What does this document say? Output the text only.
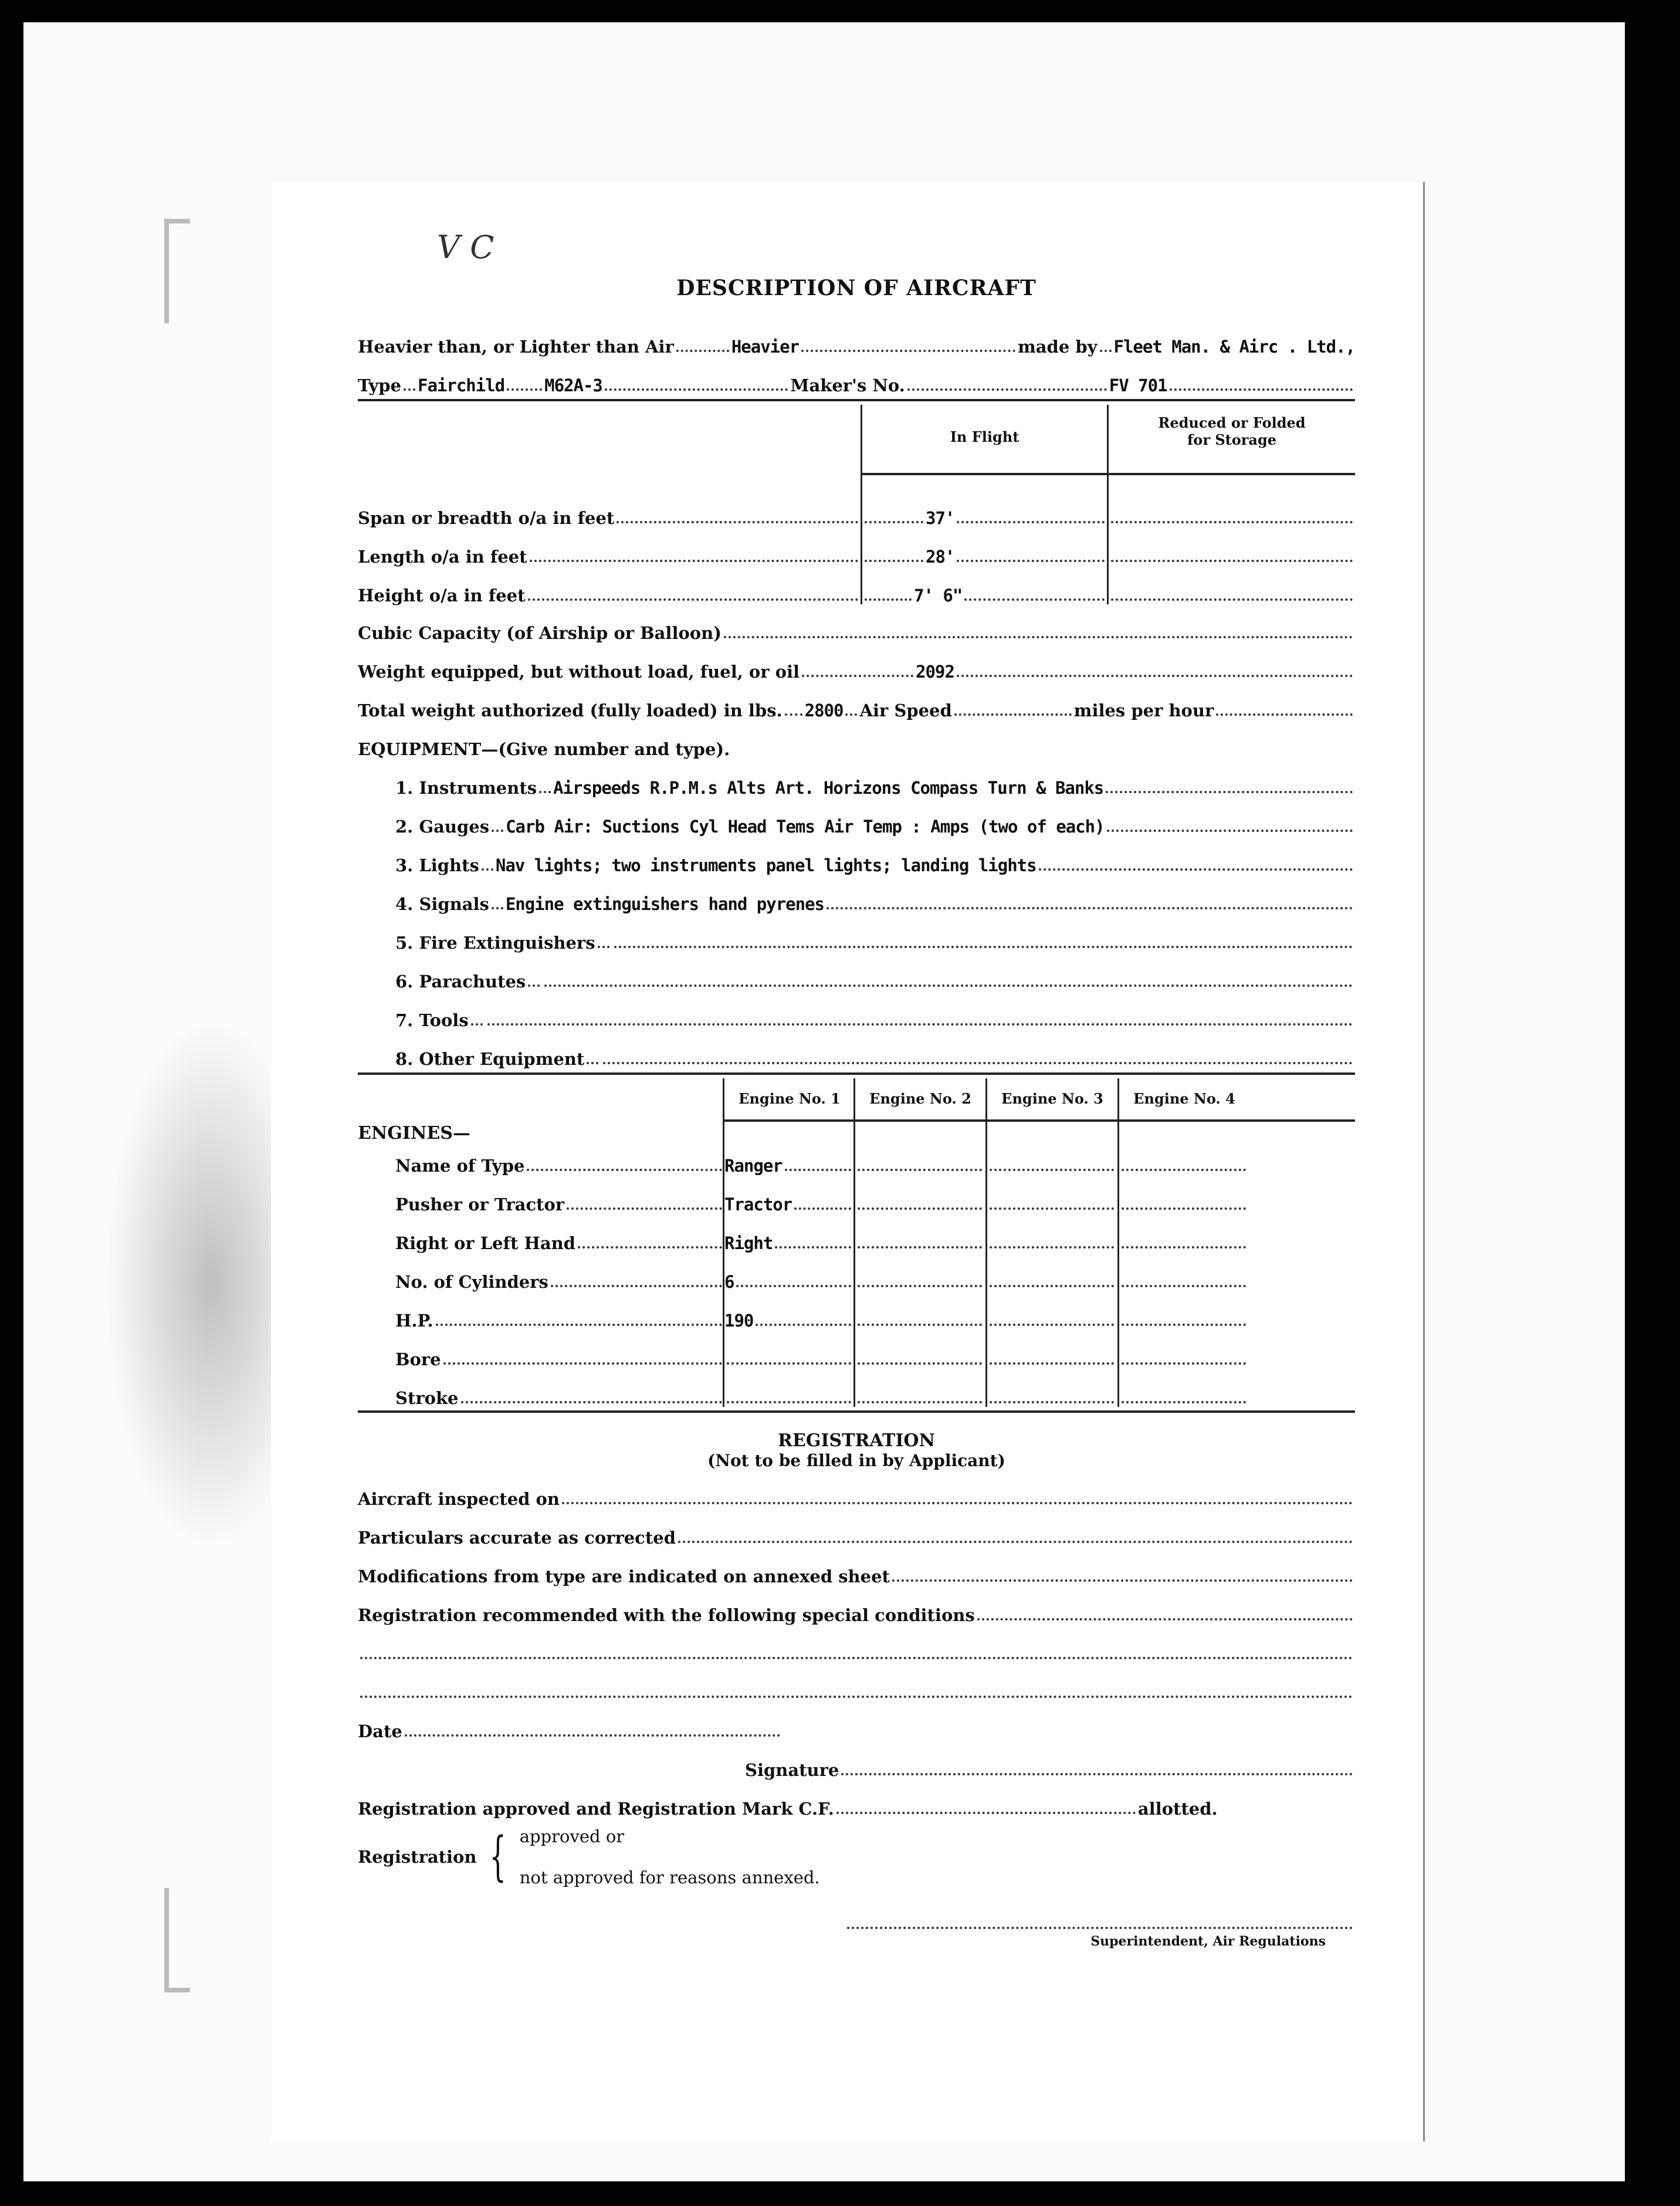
V C
DESCRIPTION OF AIRCRAFT
Heavier than, or Lighter than Air	Heavier	made by Fleet Man. & Airc . Ltd.,
Type Fairchild M62A-3	Maker's No.	FV 701
In Flight
Reduced or Folded
for Storage
Span or breadth o/a in feet	37'
Length o/a in feet	28'
Height o/a in feet	7' 6"
Cubic Capacity (of Airship or Balloon)
Weight equipped, but without load, fuel, or oil	2092
Total weight authorized (fully loaded) in lbs. 2800 Air Speed	miles per hour
EQUIPMENT—(Give number and type).
1. Instruments Airspeeds R.P.M.s Alts Art. Horizons Compass Turn & Banks
2. Gauges Carb Air: Suctions Cyl Head Tems Air Temp : Amps (two of each)
3. Lights Nav lights; two instruments panel lights; landing lights
4. Signals Engine extinguishers hand pyrenes
5. Fire Extinguishers
6. Parachutes
7. Tools
8. Other Equipment
Engine No. 1	Engine No. 2	Engine No. 3	Engine No. 4
ENGINES—
Name of Type	Ranger
Pusher or Tractor	Tractor
Right or Left Hand	Right
No. of Cylinders	6
H.P.	190
Bore
Stroke
REGISTRATION
(Not to be filled in by Applicant)
Aircraft inspected on
Particulars accurate as corrected
Modifications from type are indicated on annexed sheet
Registration recommended with the following special conditions
Date
Signature
Registration approved and Registration Mark C.F.	allotted.
Registration { approved or
not approved for reasons annexed.
Superintendent, Air Regulations
